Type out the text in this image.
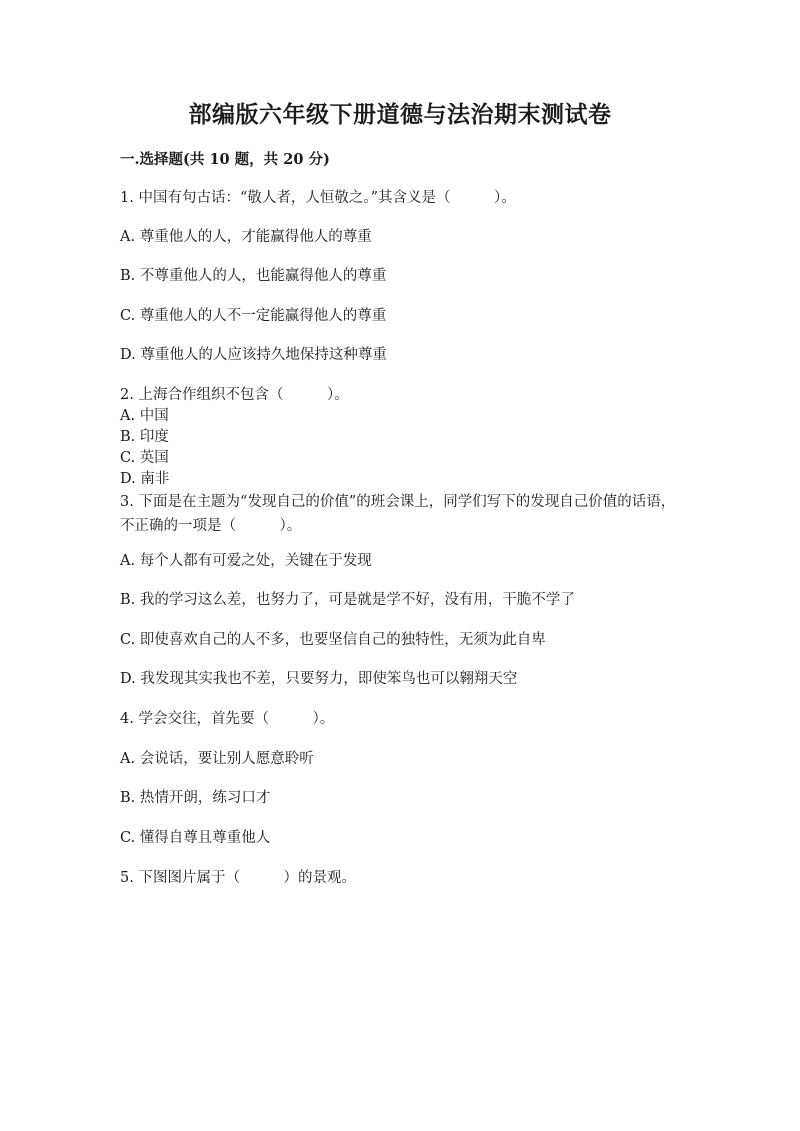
部编版六年级下册道德与法治期末测试卷
一.选择题(共 10 题，共 20 分)
1. 中国有句古话：“敬人者，人恒敬之。”其含义是（　　　）。
A. 尊重他人的人，才能赢得他人的尊重
B. 不尊重他人的人，也能赢得他人的尊重
C. 尊重他人的人不一定能赢得他人的尊重
D. 尊重他人的人应该持久地保持这种尊重
2. 上海合作组织不包含（　　　）。
A. 中国
B. 印度
C. 英国
D. 南非
3. 下面是在主题为“发现自己的价值”的班会课上，同学们写下的发现自己价值的话语，不正确的一项是（　　　）。
A. 每个人都有可爱之处，关键在于发现
B. 我的学习这么差，也努力了，可是就是学不好，没有用，干脆不学了
C. 即使喜欢自己的人不多，也要坚信自己的独特性，无须为此自卑
D. 我发现其实我也不差，只要努力，即使笨鸟也可以翱翔天空
4. 学会交往，首先要（　　　）。
A. 会说话，要让别人愿意聆听
B. 热情开朗，练习口才
C. 懂得自尊且尊重他人
5. 下图图片属于（　　　）的景观。
